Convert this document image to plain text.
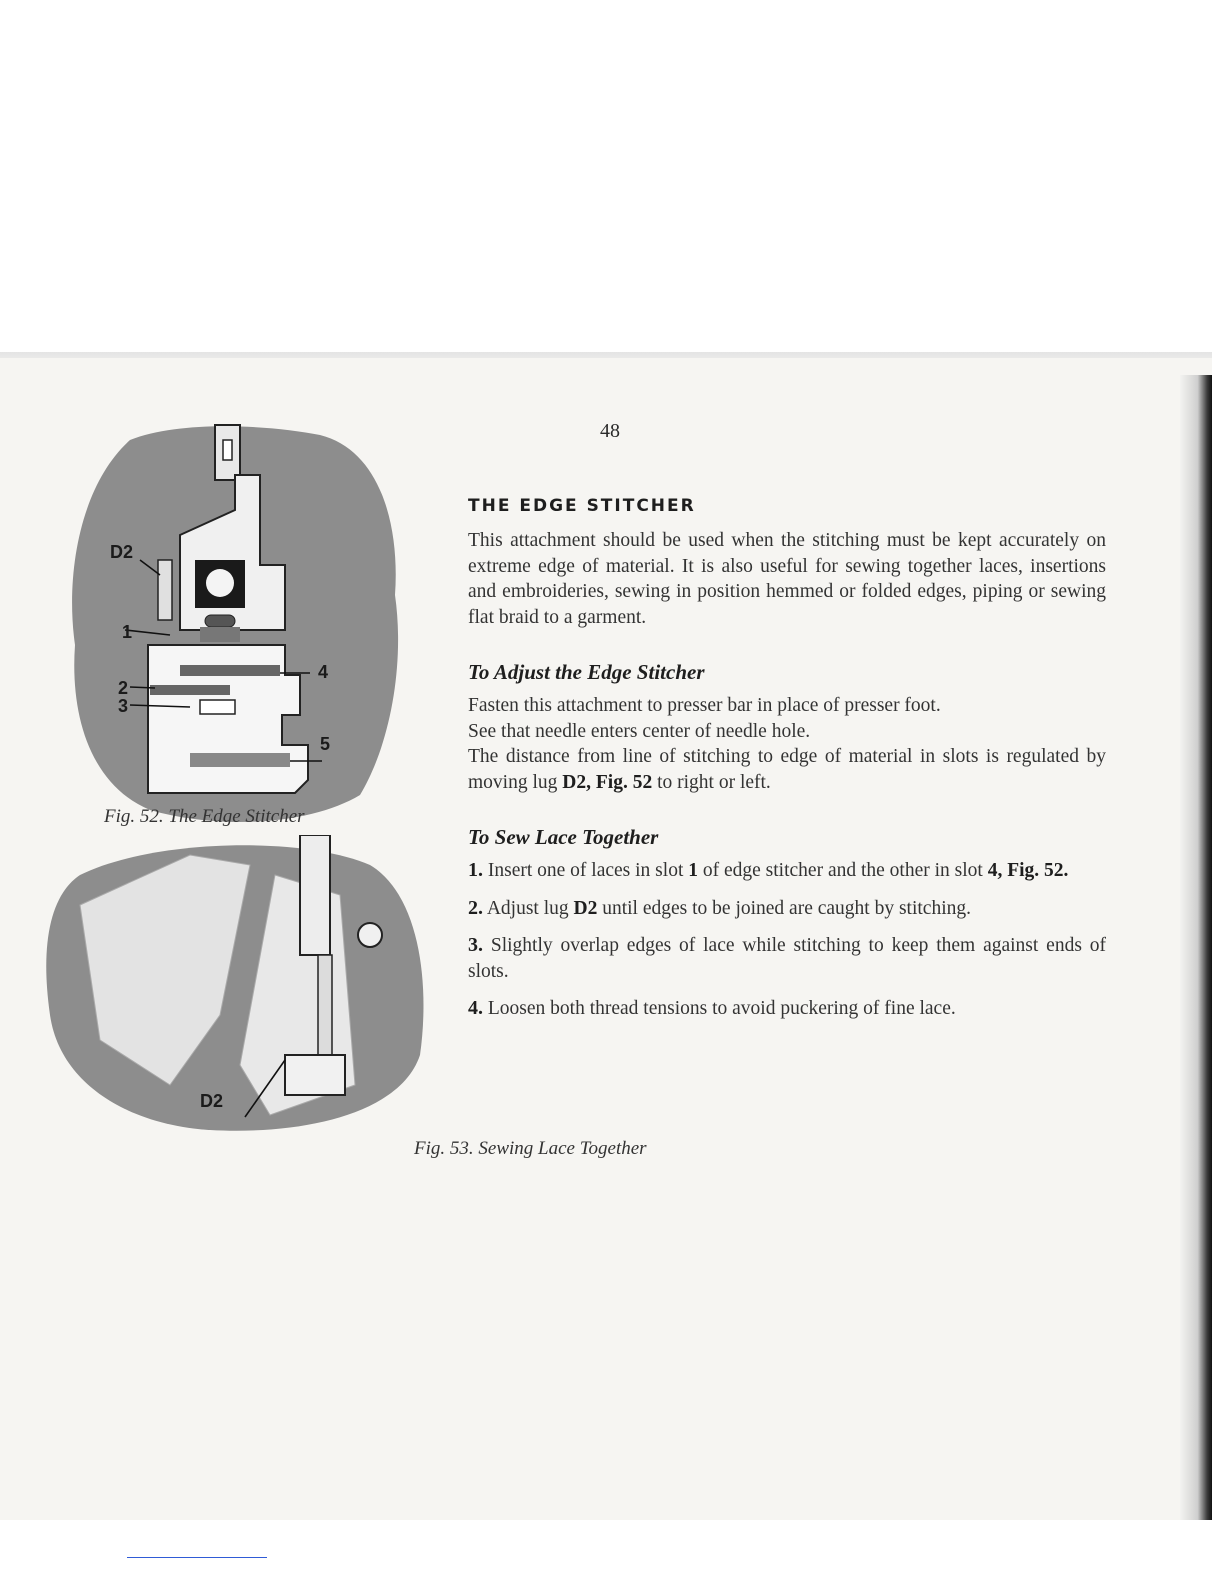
D2
1
4
2
3
5
D2
Fig. 52. The Edge Stitcher
Fig. 53. Sewing Lace Together
48
THE EDGE STITCHER

This attachment should be used when the stitching must be kept accurately on extreme edge of material. It is also useful for sewing together laces, insertions and embroideries, sewing in position hemmed or folded edges, piping or sewing flat braid to a garment.

To Adjust the Edge Stitcher

Fasten this attachment to presser bar in place of presser foot.

See that needle enters center of needle hole.

The distance from line of stitching to edge of material in slots is regulated by moving lug D2, Fig. 52 to right or left.

To Sew Lace Together

1. Insert one of laces in slot 1 of edge stitcher and the other in slot 4, Fig. 52.

2. Adjust lug D2 until edges to be joined are caught by stitching.

3. Slightly overlap edges of lace while stitching to keep them against ends of slots.

4. Loosen both thread tensions to avoid puckering of fine lace.
